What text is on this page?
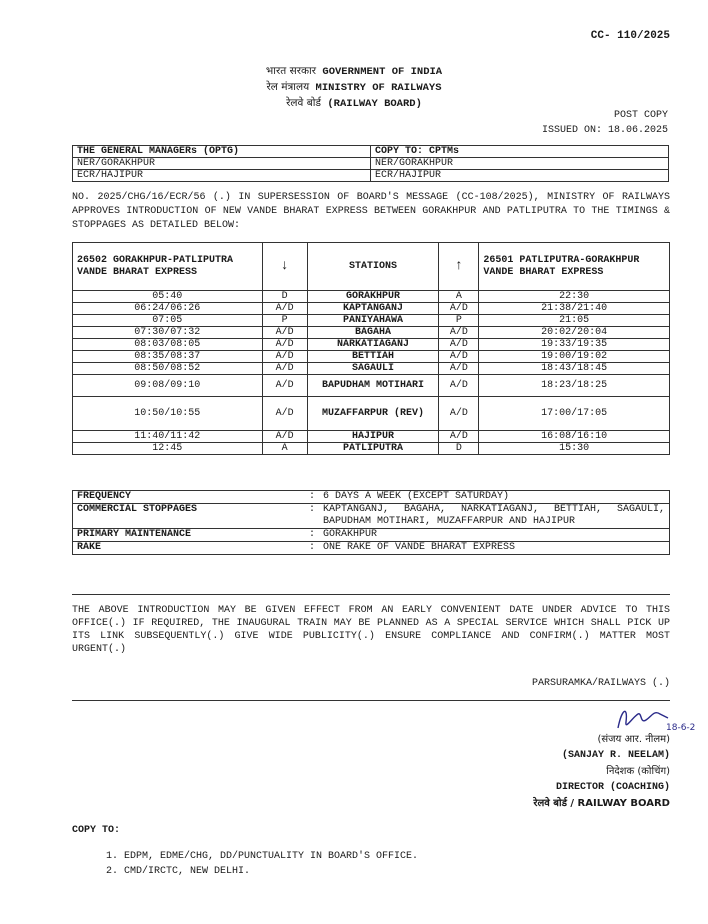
CC- 110/2025
भारत सरकार GOVERNMENT OF INDIA
रेल मंत्रालय MINISTRY OF RAILWAYS
रेलवे बोर्ड (RAILWAY BOARD)
POST COPY
ISSUED ON: 18.06.2025
THE GENERAL MANAGERs (OPTG)	COPY TO: CPTMs
NER/GORAKHPUR	NER/GORAKHPUR
ECR/HAJIPUR	ECR/HAJIPUR
NO. 2025/CHG/16/ECR/56 (.) IN SUPERSESSION OF BOARD'S MESSAGE (CC-108/2025), MINISTRY OF RAILWAYS APPROVES INTRODUCTION OF NEW VANDE BHARAT EXPRESS BETWEEN GORAKHPUR AND PATLIPUTRA TO THE TIMINGS & STOPPAGES AS DETAILED BELOW:
26502 GORAKHPUR-PATLIPUTRA VANDE BHARAT EXPRESS	↓	STATIONS	↑	26501 PATLIPUTRA-GORAKHPUR VANDE BHARAT EXPRESS
05:40	D	GORAKHPUR	A	22:30
06:24/06:26	A/D	KAPTANGANJ	A/D	21:38/21:40
07:05	P	PANIYAHAWA	P	21:05
07:30/07:32	A/D	BAGAHA	A/D	20:02/20:04
08:03/08:05	A/D	NARKATIAGANJ	A/D	19:33/19:35
08:35/08:37	A/D	BETTIAH	A/D	19:00/19:02
08:50/08:52	A/D	SAGAULI	A/D	18:43/18:45
09:08/09:10	A/D	BAPUDHAM MOTIHARI	A/D	18:23/18:25
10:50/10:55	A/D	MUZAFFARPUR (REV)	A/D	17:00/17:05
11:40/11:42	A/D	HAJIPUR	A/D	16:08/16:10
12:45	A	PATLIPUTRA	D	15:30
FREQUENCY	:	6 DAYS A WEEK (EXCEPT SATURDAY)
COMMERCIAL STOPPAGES	:	KAPTANGANJ, BAGAHA, NARKATIAGANJ, BETTIAH, SAGAULI, BAPUDHAM MOTIHARI, MUZAFFARPUR AND HAJIPUR
PRIMARY MAINTENANCE	:	GORAKHPUR
RAKE	:	ONE RAKE OF VANDE BHARAT EXPRESS
THE ABOVE INTRODUCTION MAY BE GIVEN EFFECT FROM AN EARLY CONVENIENT DATE UNDER ADVICE TO THIS OFFICE(.) IF REQUIRED, THE INAUGURAL TRAIN MAY BE PLANNED AS A SPECIAL SERVICE WHICH SHALL PICK UP ITS LINK SUBSEQUENTLY(.) GIVE WIDE PUBLICITY(.) ENSURE COMPLIANCE AND CONFIRM(.) MATTER MOST URGENT(.)
PARSURAMKA/RAILWAYS (.)
18-6-2
(संजय आर. नीलम)
(SANJAY R. NEELAM)
निदेशक (कोचिंग)
DIRECTOR (COACHING)
रेलवे बोर्ड / RAILWAY BOARD
COPY TO:
1. EDPM, EDME/CHG, DD/PUNCTUALITY IN BOARD'S OFFICE.
2. CMD/IRCTC, NEW DELHI.
